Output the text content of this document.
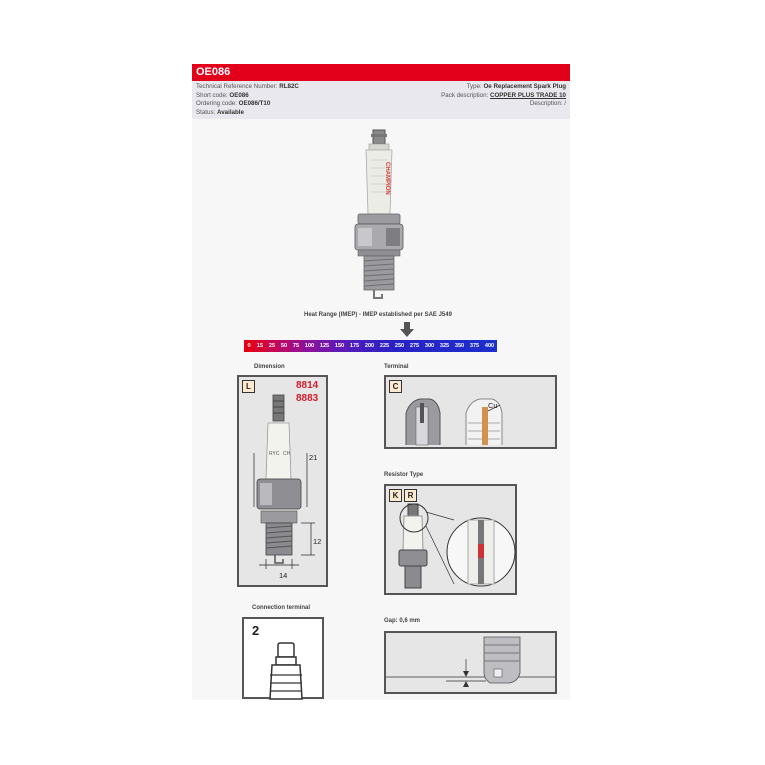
OE086
Technical Reference Number: RL82C
Short code: OE086
Ordering code: OE086/T10
Status: Available
Type: Oe Replacement Spark Plug
Pack description: COPPER PLUS TRADE 10
Description: /
CHAMPION
Heat Range (IMEP) - IMEP established per SAE J549
0	15	25	50	75	100	125	150	175	200	225	250	275	300	325	350	375	400
Dimension	Terminal
Resistor Type
Connection terminal
Gap: 0,6 mm
L	8814
8883
RYC CH	21
12
14
C
Cu
K	R
2
